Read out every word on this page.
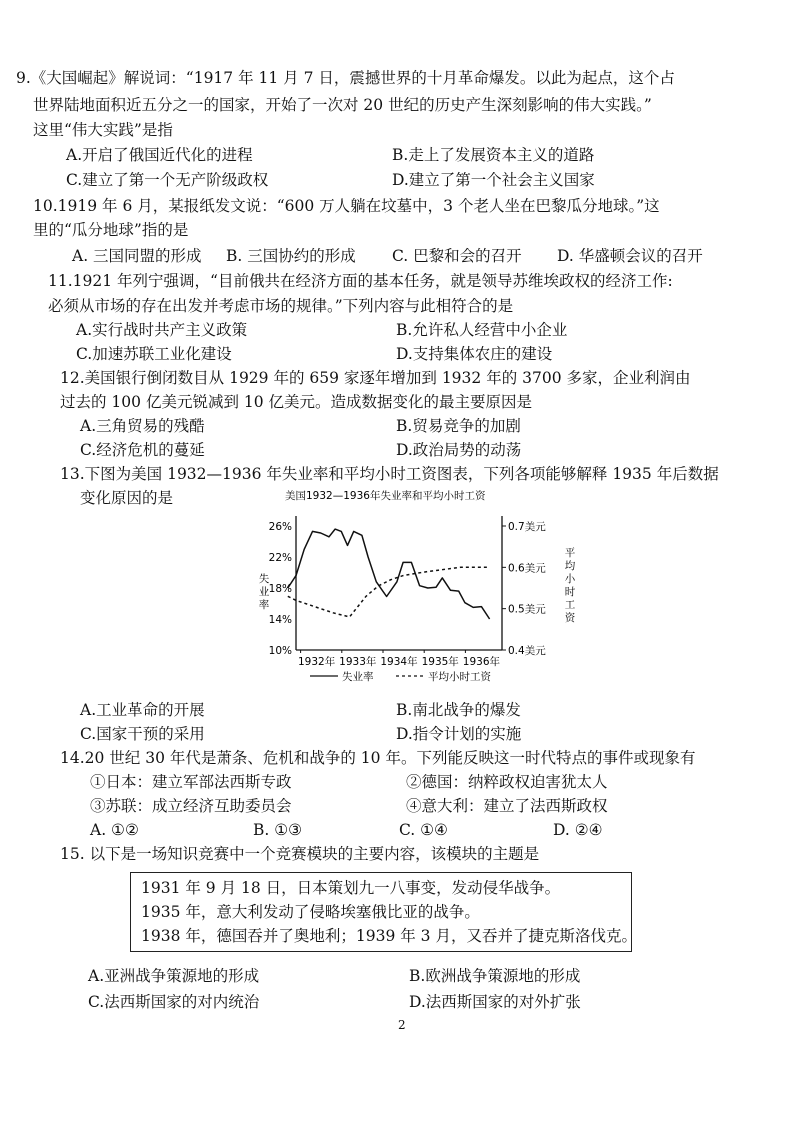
9.《大国崛起》解说词：“1917 年 11 月 7 日，震撼世界的十月革命爆发。以此为起点，这个占
世界陆地面积近五分之一的国家，开始了一次对 20 世纪的历史产生深刻影响的伟大实践。”
这里“伟大实践”是指
A.开启了俄国近代化的进程	B.走上了发展资本主义的道路
C.建立了第一个无产阶级政权	D.建立了第一个社会主义国家
10.1919 年 6 月，某报纸发文说：“600 万人躺在坟墓中，3 个老人坐在巴黎瓜分地球。”这
里的“瓜分地球”指的是
A. 三国同盟的形成 B. 三国协约的形成 C. 巴黎和会的召开 D. 华盛顿会议的召开
11.1921 年列宁强调，“目前俄共在经济方面的基本任务，就是领导苏维埃政权的经济工作:
必须从市场的存在出发并考虑市场的规律。”下列内容与此相符合的是
A.实行战时共产主义政策	B.允许私人经营中小企业
C.加速苏联工业化建设	D.支持集体农庄的建设
12.美国银行倒闭数目从 1929 年的 659 家逐年增加到 1932 年的 3700 多家，企业利润由
过去的 100 亿美元锐减到 10 亿美元。造成数据变化的最主要原因是
A.三角贸易的残酷	B.贸易竞争的加剧
C.经济危机的蔓延	D.政治局势的动荡
13.下图为美国 1932—1936 年失业率和平均小时工资图表，下列各项能够解释 1935 年后数据
变化原因的是	美国1932—1936年失业率和平均小时工资
26%
22%
18%
14%
10%
0.7美元
0.6美元
0.5美元
0.4美元
1932年 1933年 1934年 1935年 1936年
失
业
率
平
均
小
时
工
资
失业率	平均小时工资
A.工业革命的开展	B.南北战争的爆发
C.国家干预的采用	D.指令计划的实施
14.20 世纪 30 年代是萧条、危机和战争的 10 年。下列能反映这一时代特点的事件或现象有
①日本：建立军部法西斯专政	②德国：纳粹政权迫害犹太人
③苏联：成立经济互助委员会	④意大利：建立了法西斯政权
A. ①②	B. ①③	C. ①④	D. ②④
15. 以下是一场知识竞赛中一个竞赛模块的主要内容，该模块的主题是
1931 年 9 月 18 日，日本策划九一八事变，发动侵华战争。
1935 年，意大利发动了侵略埃塞俄比亚的战争。
1938 年，德国吞并了奥地利；1939 年 3 月，又吞并了捷克斯洛伐克。
A.亚洲战争策源地的形成	B.欧洲战争策源地的形成
C.法西斯国家的对内统治	D.法西斯国家的对外扩张
2
